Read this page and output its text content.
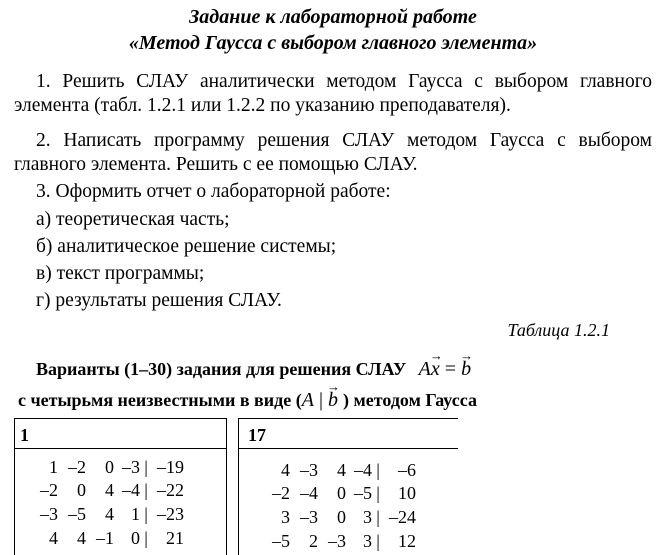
Задание к лабораторной работе
«Метод Гаусса с выбором главного элемента»
1. Решить СЛАУ аналитически методом Гаусса с выбором главного элемента (табл. 1.2.1 или 1.2.2 по указанию преподавателя).
2. Написать программу решения СЛАУ методом Гаусса с выбором главного элемента. Решить с ее помощью СЛАУ.
3. Оформить отчет о лабораторной работе:
а) теоретическая часть;
б) аналитическое решение системы;
в) текст программы;
г) результаты решения СЛАУ.
Таблица 1.2.1
Варианты (1–30) задания для решения СЛАУ A→ x = → b
с четырьмя неизвестными в виде (A | → b ) методом Гаусса
1
1 –2 0 –3 | –19
–2 0 4 –4 | –22
–3 –5 4 1 | –23
4 4 –1 0 | 21
17
4 –3 4 –4 | –6
–2 –4 0 –5 | 10
3 –3 0 3 | –24
–5 2 –3 3 | 12
